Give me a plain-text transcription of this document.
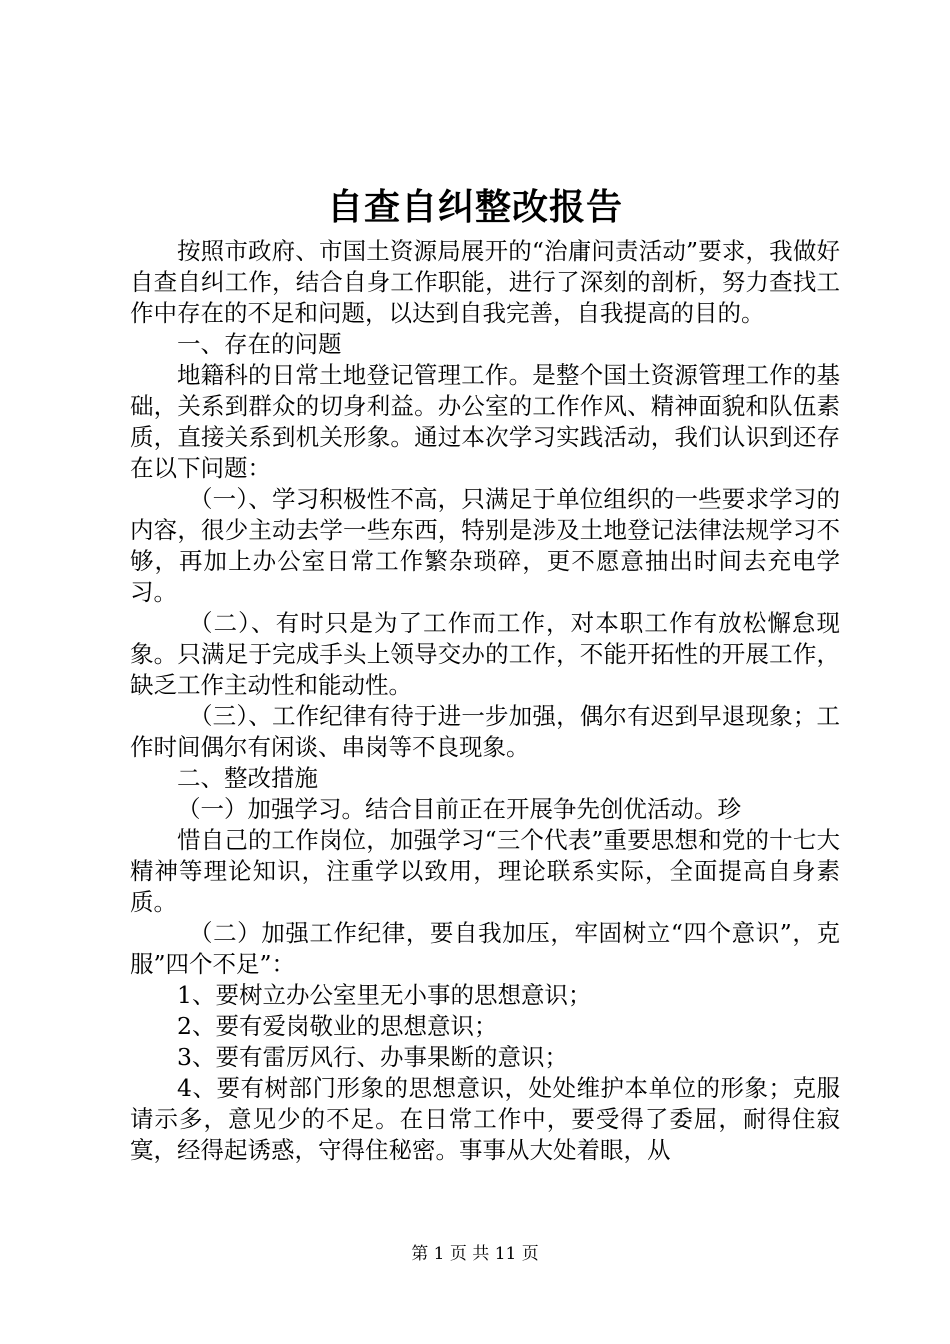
自查自纠整改报告

按照市政府、市国土资源局展开的“治庸问责活动”要求，我做好自查自纠工作，结合自身工作职能，进行了深刻的剖析，努力查找工作中存在的不足和问题，以达到自我完善，自我提高的目的。

一、存在的问题

地籍科的日常土地登记管理工作。是整个国土资源管理工作的基础，关系到群众的切身利益。办公室的工作作风、精神面貌和队伍素质，直接关系到机关形象。通过本次学习实践活动，我们认识到还存在以下问题：

（一）、学习积极性不高，只满足于单位组织的一些要求学习的内容，很少主动去学一些东西，特别是涉及土地登记法律法规学习不够，再加上办公室日常工作繁杂琐碎，更不愿意抽出时间去充电学习。

（二）、有时只是为了工作而工作，对本职工作有放松懈怠现象。只满足于完成手头上领导交办的工作，不能开拓性的开展工作，缺乏工作主动性和能动性。

（三）、工作纪律有待于进一步加强，偶尔有迟到早退现象；工作时间偶尔有闲谈、串岗等不良现象。

二、整改措施

（一）加强学习。结合目前正在开展争先创优活动。珍

惜自己的工作岗位，加强学习“三个代表”重要思想和党的十七大精神等理论知识，注重学以致用，理论联系实际，全面提高自身素质。

（二）加强工作纪律，要自我加压，牢固树立“四个意识”，克服”四个不足”：

1、要树立办公室里无小事的思想意识；

2、要有爱岗敬业的思想意识；

3、要有雷厉风行、办事果断的意识；

4、要有树部门形象的思想意识，处处维护本单位的形象；克服请示多，意见少的不足。在日常工作中，要受得了委屈，耐得住寂寞，经得起诱惑，守得住秘密。事事从大处着眼，从

第 1 页 共 11 页
